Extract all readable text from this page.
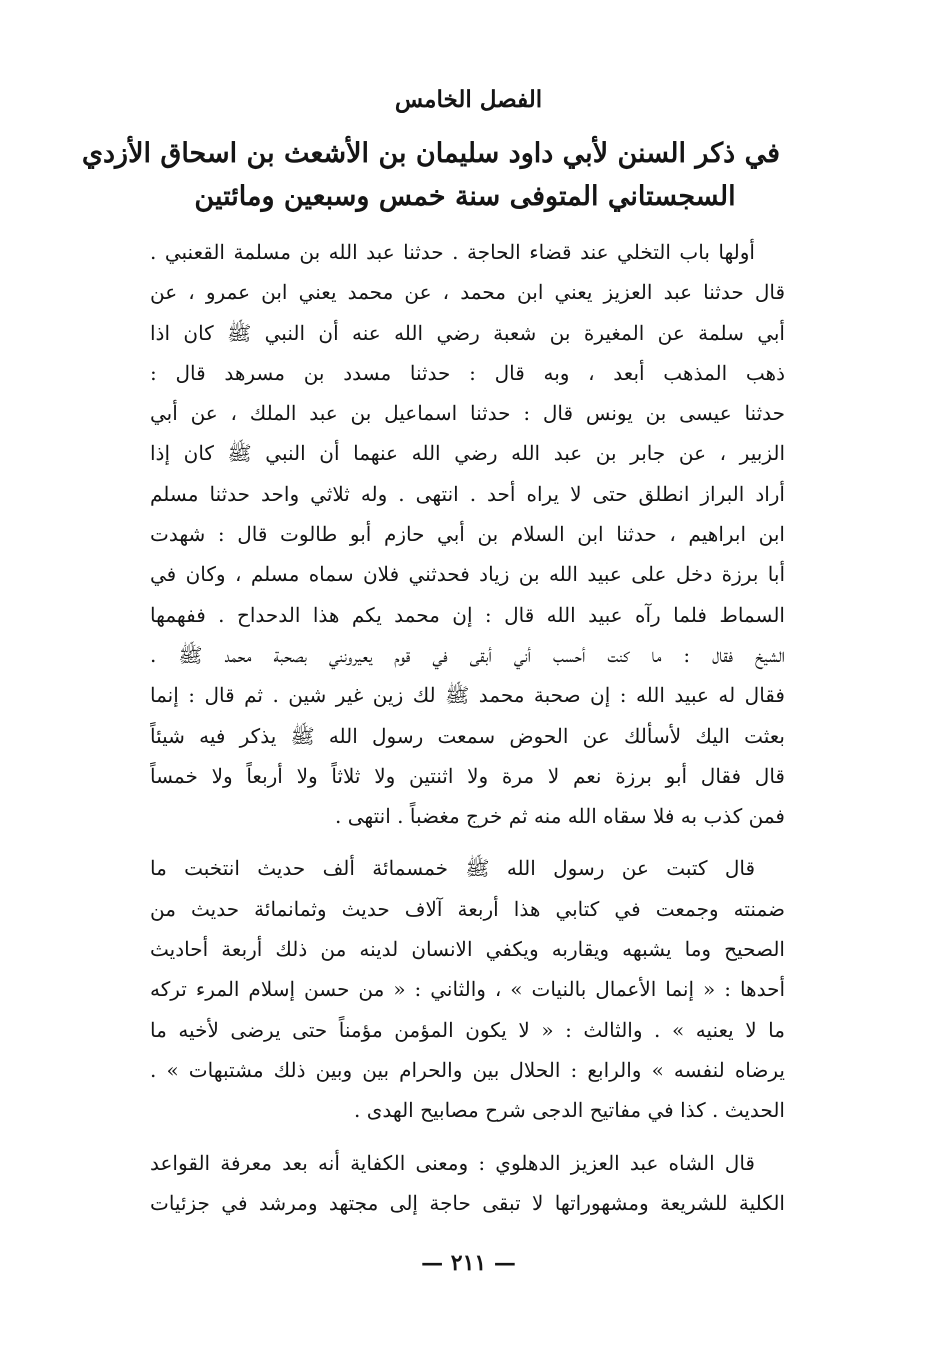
الفصل الخامس
في ذكر السنن لأبي داود سليمان بن الأشعث بن اسحاق الأزدي
السجستاني المتوفى سنة خمس وسبعين ومائتين
أولها باب التخلي عند قضاء الحاجة . حدثنا عبد الله بن مسلمة القعنبي .
قال حدثنا عبد العزيز يعني ابن محمد ، عن محمد يعني ابن عمرو ، عن
أبي سلمة عن المغيرة بن شعبة رضي الله عنه أن النبي ﷺ كان اذا
ذهب المذهب أبعد ، وبه قال : حدثنا مسدد بن مسرهد قال :
حدثنا عيسى بن يونس قال : حدثنا اسماعيل بن عبد الملك ، عن أبي
الزبير ، عن جابر بن عبد الله رضي الله عنهما أن النبي ﷺ كان إذا
أراد البراز انطلق حتى لا يراه أحد . انتهى . وله ثلاثي واحد حدثنا مسلم
ابن ابراهيم ، حدثنا ابن السلام بن أبي حازم أبو طالوت قال : شهدت
أبا برزة دخل على عبيد الله بن زياد فحدثني فلان سماه مسلم ، وكان في
السماط فلما رآه عبيد الله قال : إن محمد يكم هذا الدحداح . ففهمها
الشيخ فقال : ما كنت أحسب أني أبقى في قوم يعيرونني بصحبة محمد ﷺ .
فقال له عبيد الله : إن صحبة محمد ﷺ لك زين غير شين . ثم قال : إنما
بعثت اليك لأسألك عن الحوض سمعت رسول الله ﷺ يذكر فيه شيئاً
قال فقال أبو برزة نعم لا مرة ولا اثنتين ولا ثلاثاً ولا أربعاً ولا خمساً
فمن كذب به فلا سقاه الله منه ثم خرج مغضباً . انتهى .
قال كتبت عن رسول الله ﷺ خمسمائة ألف حديث انتخبت ما
ضمنته وجمعت في كتابي هذا أربعة آلاف حديث وثمانمائة حديث من
الصحيح وما يشبهه ويقاربه ويكفي الانسان لدينه من ذلك أربعة أحاديث
أحدها : « إنما الأعمال بالنيات » ، والثاني : « من حسن إسلام المرء تركه
ما لا يعنيه » . والثالث : « لا يكون المؤمن مؤمناً حتى يرضى لأخيه ما
يرضاه لنفسه » والرابع : الحلال بين والحرام بين وبين ذلك مشتبهات » .
الحديث . كذا في مفاتيح الدجى شرح مصابيح الهدى .
قال الشاه عبد العزيز الدهلوي : ومعنى الكفاية أنه بعد معرفة القواعد
الكلية للشريعة ومشهوراتها لا تبقى حاجة إلى مجتهد ومرشد في جزئيات
— ٢١١ —
